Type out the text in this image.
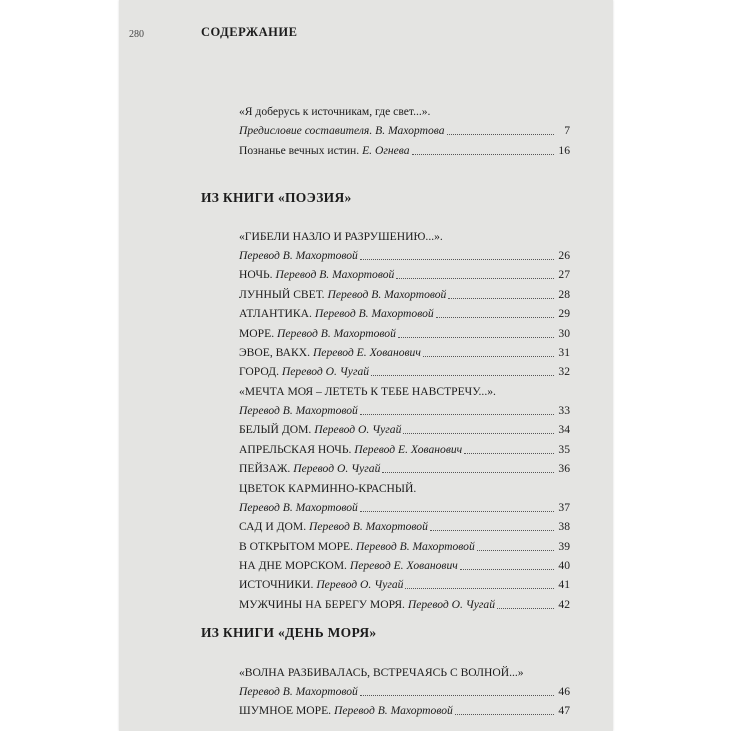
280	СОДЕРЖАНИЕ
ИЗ КНИГИ «ПОЭЗИЯ»
ИЗ КНИГИ «ДЕНЬ МОРЯ»
«Я доберусь к источникам, где свет...».
Предисловие составителя. В. Махортова	7
Познанье вечных истин. Е. Огнева	16
«ГИБЕЛИ НАЗЛО И РАЗРУШЕНИЮ...».
Перевод В. Махортовой	26
НОЧЬ. Перевод В. Махортовой	27
ЛУННЫЙ СВЕТ. Перевод В. Махортовой	28
АТЛАНТИКА. Перевод В. Махортовой	29
МОРЕ. Перевод В. Махортовой	30
ЭВОЕ, ВАКХ. Перевод Е. Хованович	31
ГОРОД. Перевод О. Чугай	32
«МЕЧТА МОЯ – ЛЕТЕТЬ К ТЕБЕ НАВСТРЕЧУ...».
Перевод В. Махортовой	33
БЕЛЫЙ ДОМ. Перевод О. Чугай	34
АПРЕЛЬСКАЯ НОЧЬ. Перевод Е. Хованович	35
ПЕЙЗАЖ. Перевод О. Чугай	36
ЦВЕТОК КАРМИННО-КРАСНЫЙ.
Перевод В. Махортовой	37
САД И ДОМ. Перевод В. Махортовой	38
В ОТКРЫТОМ МОРЕ. Перевод В. Махортовой	39
НА ДНЕ МОРСКОМ. Перевод Е. Хованович	40
ИСТОЧНИКИ. Перевод О. Чугай	41
МУЖЧИНЫ НА БЕРЕГУ МОРЯ. Перевод О. Чугай	42
«ВОЛНА РАЗБИВАЛАСЬ, ВСТРЕЧАЯСЬ С ВОЛНОЙ...»
Перевод В. Махортовой	46
ШУМНОЕ МОРЕ. Перевод В. Махортовой	47
